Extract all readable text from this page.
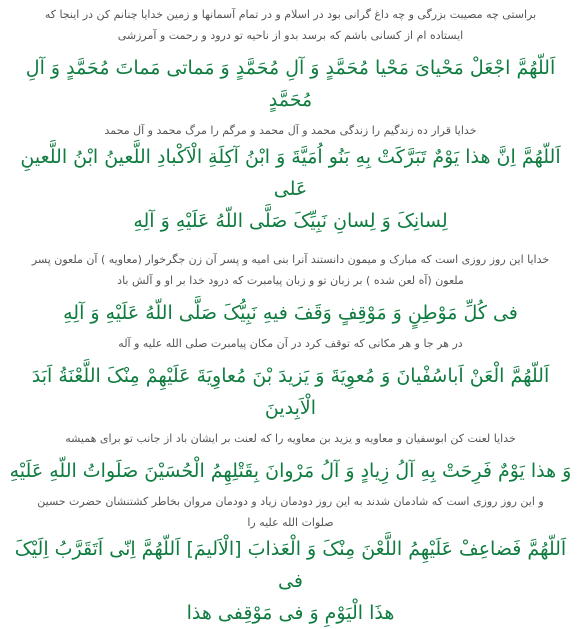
براستی چه مصیبت بزرگی و چه داغ گرانی بود در اسلام و در تمام آسمانها و زمین خدایا چنانم کن در اینجا که

ایستاده ام از کسانی باشم که برسد بدو از ناحیه تو درود و رحمت و آمرزشی

اَللّهُمَّ اجْعَلْ مَحْیایَ مَحْیا مُحَمَّدٍ وَ آلِ مُحَمَّدٍ وَ مَماتی مَماتَ مُحَمَّدٍ وَ آلِ مُحَمَّدٍ

خدایا قرار ده زندگیم را زندگی محمد و آل محمد و مرگم را مرگ محمد و آل محمد

اَللّهُمَّ اِنَّ هذا یَوْمٌ تَبَرَّکَتْ بِهِ بَنُو اُمَیَّةَ وَ ابْنُ آکِلَةِ الْاَکْبادِ اللَّعینُ ابْنُ اللَّعینِ عَلی

لِسانِکَ وَ لِسانِ نَبِیِّکَ صَلَّی اللّهُ عَلَیْهِ وَ آلِهِ

خدایا این روز روزی است که مبارک و میمون دانستند آنرا بنی امیه و پسر آن زن جگرخوار (معاویه ) آن ملعون پسر

ملعون (آه لعن شده ) بر زبان تو و زبان پیامبرت که درود خدا بر او و آلش باد

فی کُلِّ مَوْطِنٍ وَ مَوْقِفٍ وَقَفَ فیهِ نَبِیُّکَ صَلَّی اللّهُ عَلَیْهِ وَ آلِهِ

در هر جا و هر مکانی که توقف کرد در آن مکان پیامبرت صلی الله علیه و آله

اَللّهُمَّ الْعَنْ اَباسُفْیانَ وَ مُعوِیَةَ وَ یَزیدَ بْنَ مُعاوِیَةَ عَلَیْهِمْ مِنْکَ اللَّعْنَةُ اَبَدَ الْاَبِدینَ

خدایا لعنت کن ابوسفیان و معاویه و یزید بن معاویه را که لعنت بر ایشان باد از جانب تو برای همیشه

وَ هذا یَوْمٌ فَرِحَتْ بِهِ آلُ زِیادٍ وَ آلُ مَرْوانَ بِقَتْلِهِمُ الْحُسَیْنَ صَلَواتُ اللّهِ عَلَیْهِ

و این روز روزی است که شادمان شدند به این روز دودمان زیاد و دودمان مروان بخاطر کشتنشان حضرت حسین

صلوات الله علیه را

اَللّهُمَّ فَضاعِفْ عَلَیْهِمُ اللَّعْنَ مِنْکَ وَ الْعَذابَ [الْاَلیمَ] اَللّهُمَّ اِنّی اَتَقَرَّبُ اِلَیْکَ فی

هذَا الْیَوْمِ وَ فی مَوْقِفی هذا
